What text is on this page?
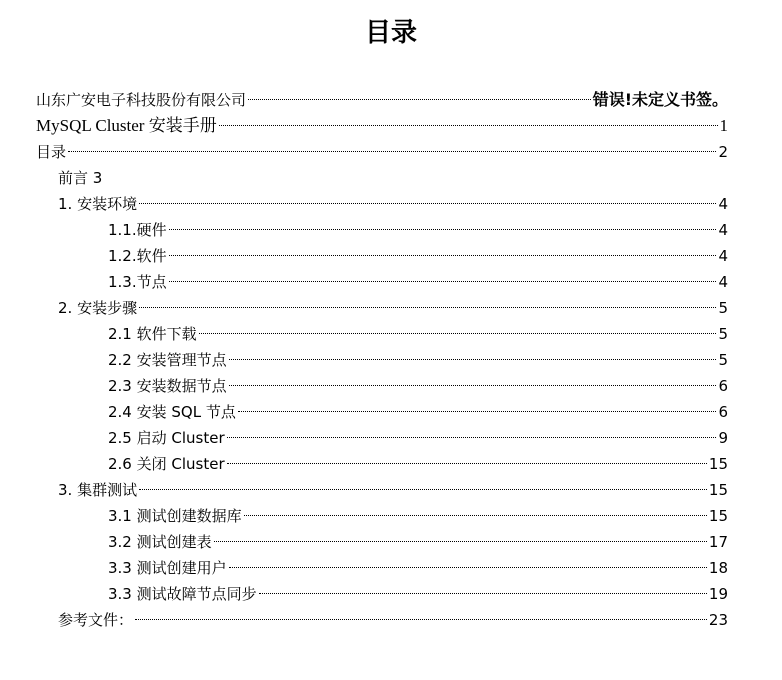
目录
山东广安电子科技股份有限公司	错误!未定义书签。
MySQL Cluster 安装手册	1
目录	2
前言 3
1. 安装环境	4
1.1.硬件	4
1.2.软件	4
1.3.节点	4
2. 安装步骤	5
2.1 软件下载	5
2.2 安装管理节点	5
2.3 安装数据节点	6
2.4 安装 SQL 节点	6
2.5 启动 Cluster	9
2.6 关闭 Cluster	15
3. 集群测试	15
3.1 测试创建数据库	15
3.2 测试创建表	17
3.3 测试创建用户	18
3.3 测试故障节点同步	19
参考文件：	23
